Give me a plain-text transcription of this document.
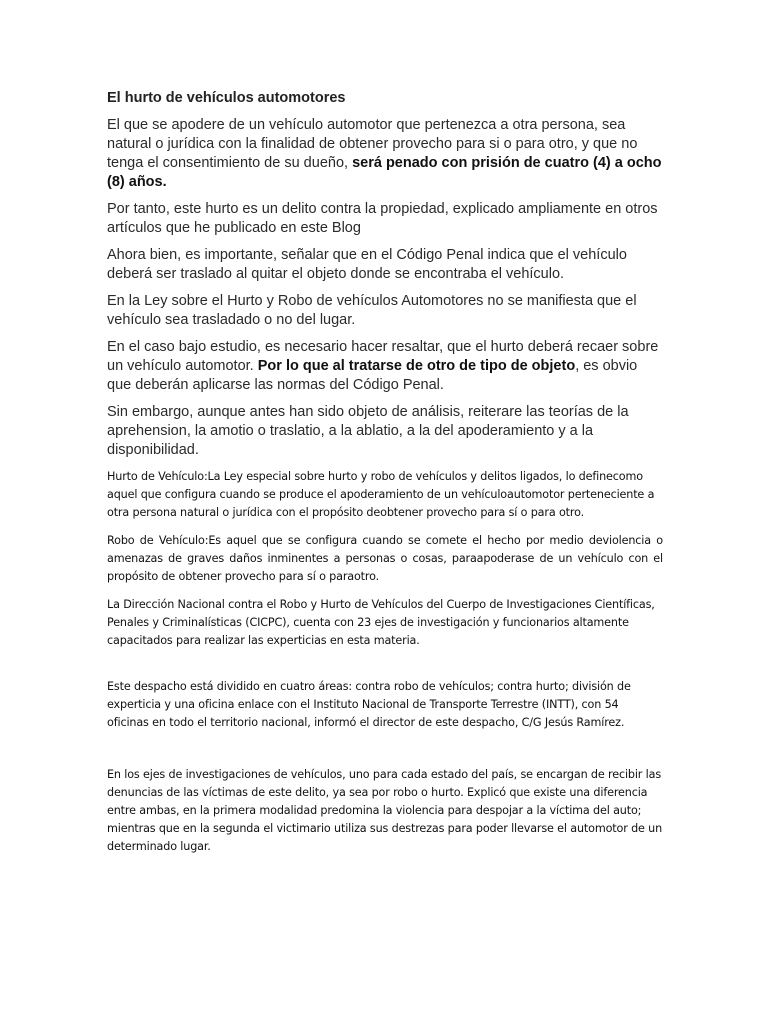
El hurto de vehículos automotores

El que se apodere de un vehículo automotor que pertenezca a otra persona, sea natural o jurídica con la finalidad de obtener provecho para si o para otro, y que no tenga el consentimiento de su dueño, será penado con prisión de cuatro (4) a ocho (8) años.

Por tanto, este hurto es un delito contra la propiedad, explicado ampliamente en otros artículos que he publicado en este Blog

Ahora bien, es importante, señalar que en el Código Penal indica que el vehículo deberá ser traslado al quitar el objeto donde se encontraba el vehículo.

En la Ley sobre el Hurto y Robo de vehículos Automotores no se manifiesta que el vehículo sea trasladado o no del lugar.

En el caso bajo estudio, es necesario hacer resaltar, que el hurto deberá recaer sobre un vehículo automotor. Por lo que al tratarse de otro de tipo de objeto, es obvio que deberán aplicarse las normas del Código Penal.

Sin embargo, aunque antes han sido objeto de análisis, reiterare las teorías de la aprehension, la amotio o traslatio, a la ablatio, a la del apoderamiento y a la disponibilidad.

Hurto de Vehículo:La Ley especial sobre hurto y robo de vehículos y delitos ligados, lo definecomo aquel que configura cuando se produce el apoderamiento de un vehículoautomotor perteneciente a otra persona natural o jurídica con el propósito deobtener provecho para sí o para otro.

Robo de Vehículo:Es aquel que se configura cuando se comete el hecho por medio deviolencia o amenazas de graves daños inminentes a personas o cosas, paraapoderase de un vehículo con el propósito de obtener provecho para sí o paraotro.

La Dirección Nacional contra el Robo y Hurto de Vehículos del Cuerpo de Investigaciones Científicas, Penales y Criminalísticas (CICPC), cuenta con 23 ejes de investigación y funcionarios altamente capacitados para realizar las experticias en esta materia.

Este despacho está dividido en cuatro áreas: contra robo de vehículos; contra hurto; división de experticia y una oficina enlace con el Instituto Nacional de Transporte Terrestre (INTT), con 54 oficinas en todo el territorio nacional, informó el director de este despacho, C/G Jesús Ramírez.

En los ejes de investigaciones de vehículos, uno para cada estado del país, se encargan de recibir las denuncias de las víctimas de este delito, ya sea por robo o hurto. Explicó que existe una diferencia entre ambas, en la primera modalidad predomina la violencia para despojar a la víctima del auto; mientras que en la segunda el victimario utiliza sus destrezas para poder llevarse el automotor de un determinado lugar.
